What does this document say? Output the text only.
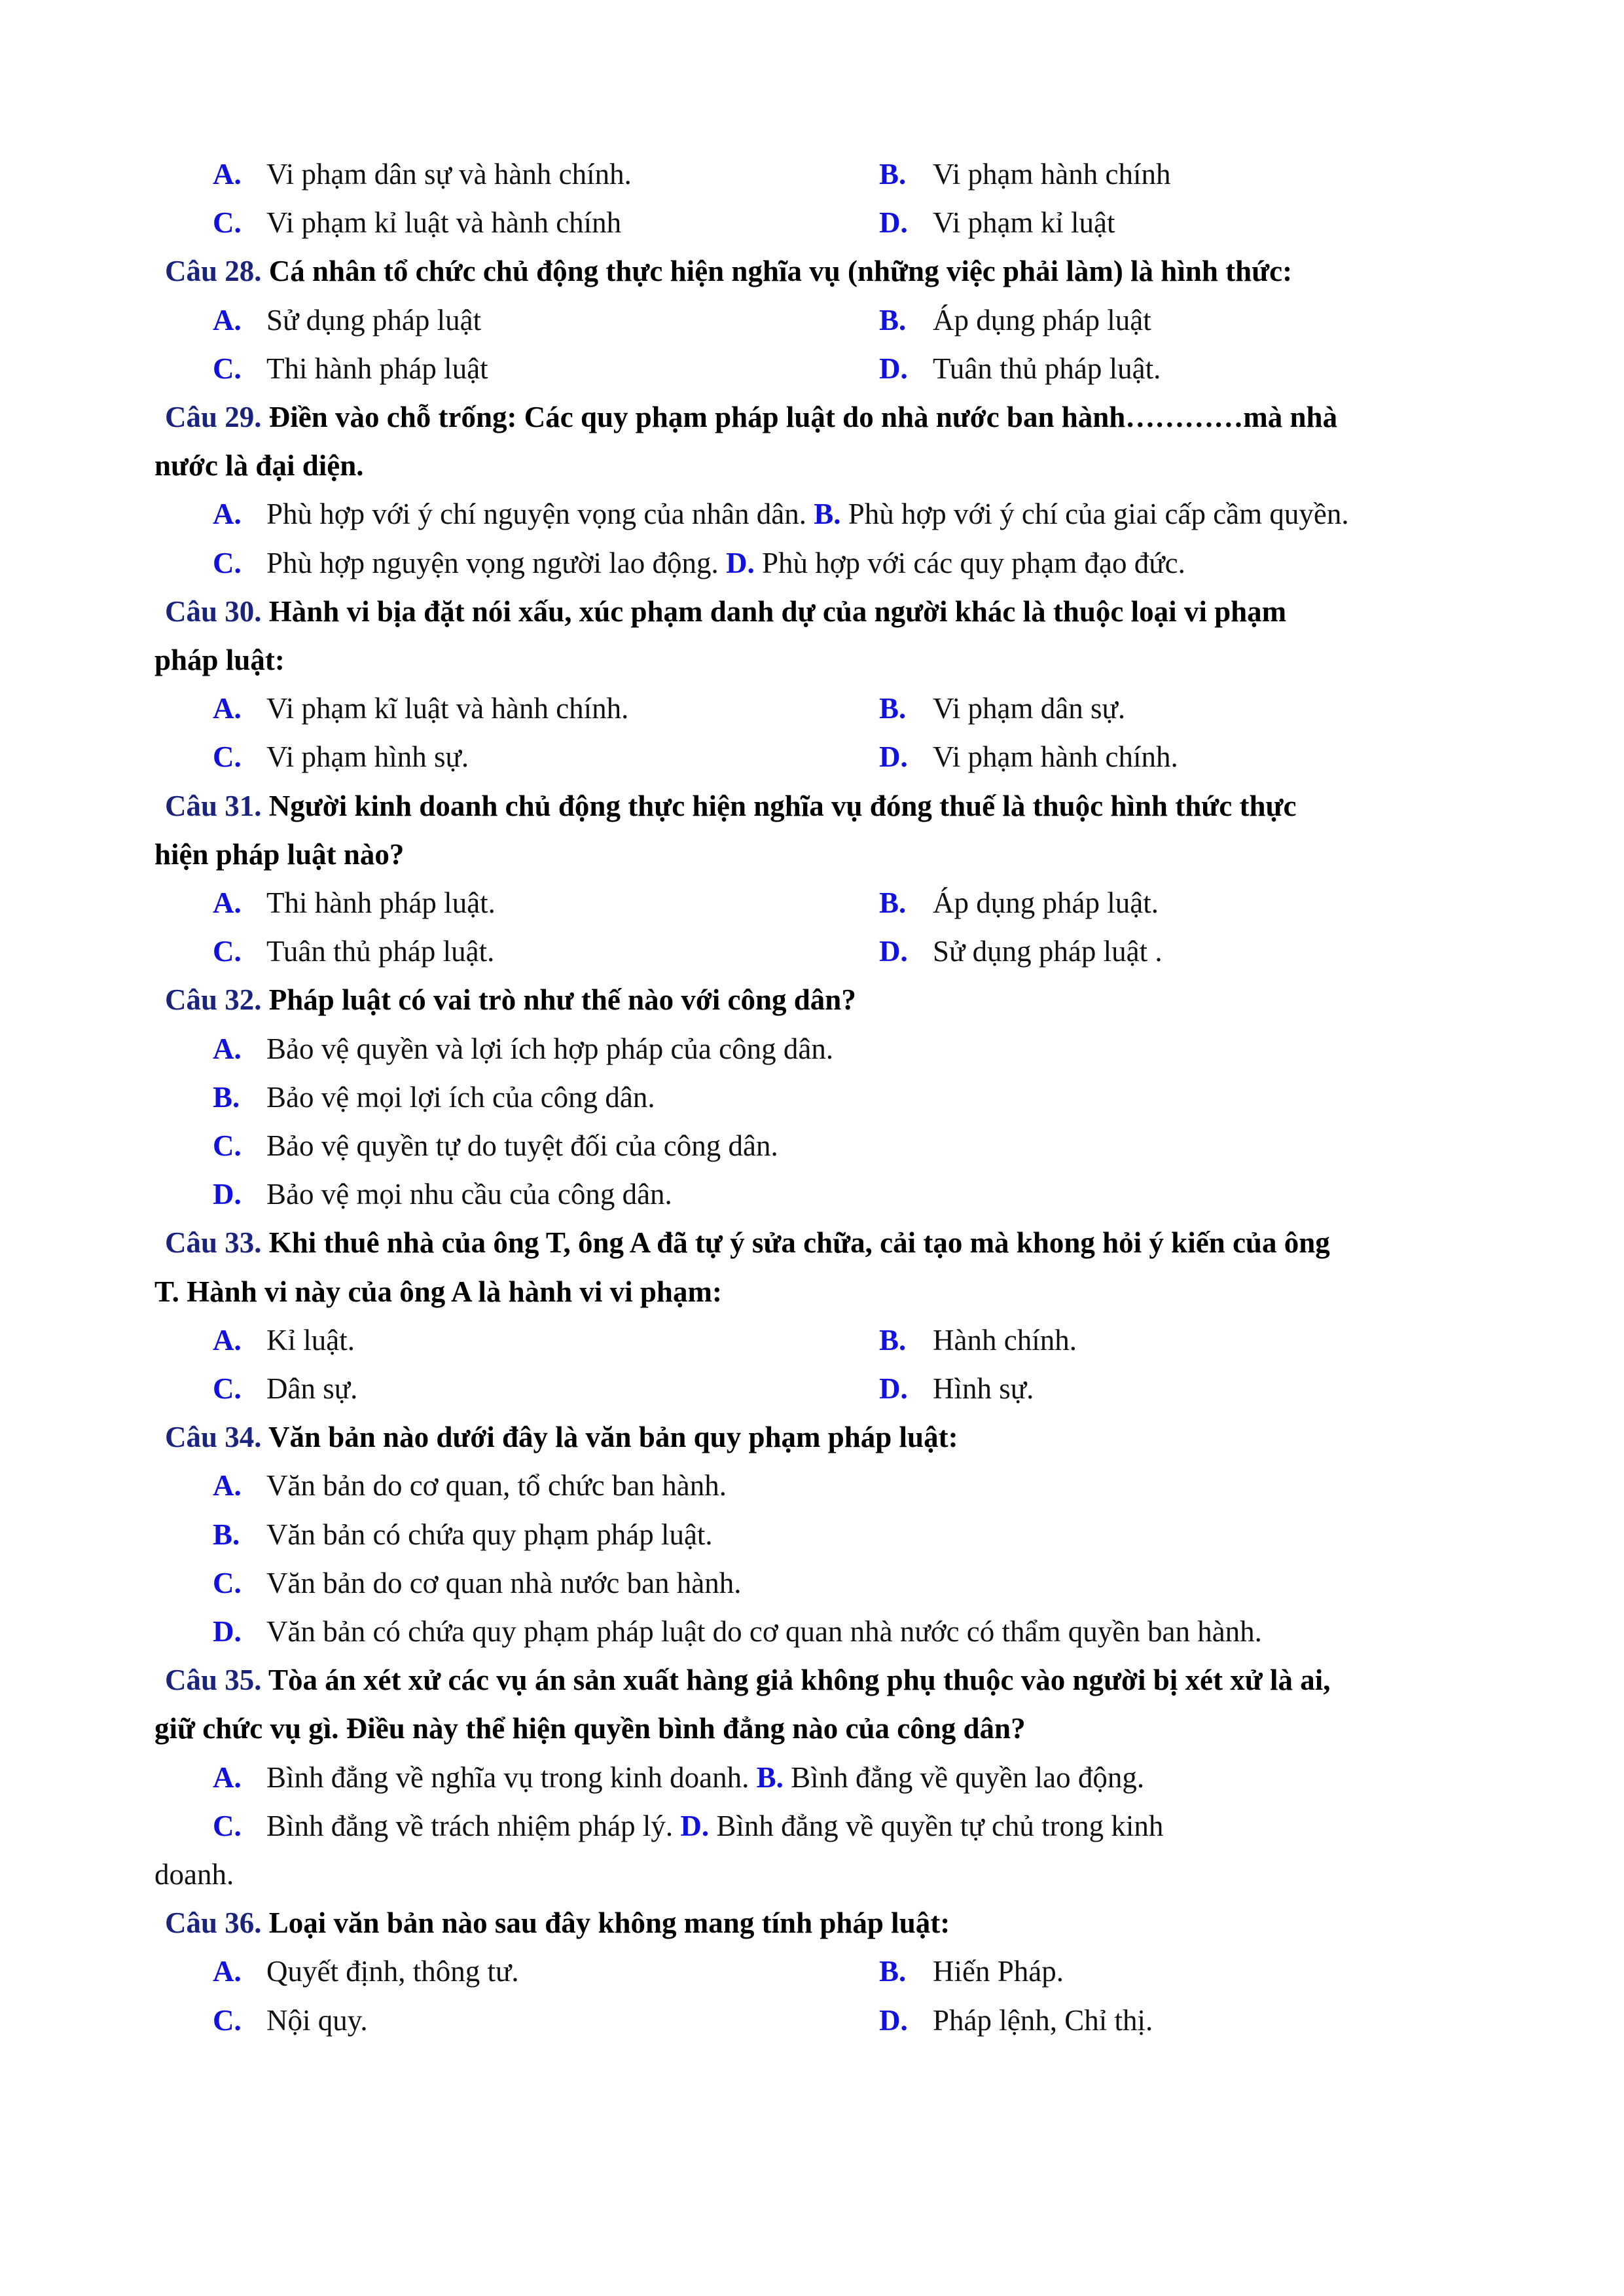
A. Vi phạm dân sự và hành chính.	B. Vi phạm hành chính
C. Vi phạm kỉ luật và hành chính	D. Vi phạm kỉ luật
Câu 28. Cá nhân tổ chức chủ động thực hiện nghĩa vụ (những việc phải làm) là hình thức:
A. Sử dụng pháp luật	B. Áp dụng pháp luật
C. Thi hành pháp luật	D. Tuân thủ pháp luật.
Câu 29. Điền vào chỗ trống: Các quy phạm pháp luật do nhà nước ban hành…………mà nhà
nước là đại diện.
A. Phù hợp với ý chí nguyện vọng của nhân dân. B. Phù hợp với ý chí của giai cấp cầm quyền.
C. Phù hợp nguyện vọng người lao động. D. Phù hợp với các quy phạm đạo đức.
Câu 30. Hành vi bịa đặt nói xấu, xúc phạm danh dự của người khác là thuộc loại vi phạm
pháp luật:
A. Vi phạm kĩ luật và hành chính.	B. Vi phạm dân sự.
C. Vi phạm hình sự.	D. Vi phạm hành chính.
Câu 31. Người kinh doanh chủ động thực hiện nghĩa vụ đóng thuế là thuộc hình thức thực
hiện pháp luật nào?
A. Thi hành pháp luật.	B. Áp dụng pháp luật.
C. Tuân thủ pháp luật.	D. Sử dụng pháp luật .
Câu 32. Pháp luật có vai trò như thế nào với công dân?
A. Bảo vệ quyền và lợi ích hợp pháp của công dân.
B. Bảo vệ mọi lợi ích của công dân.
C. Bảo vệ quyền tự do tuyệt đối của công dân.
D. Bảo vệ mọi nhu cầu của công dân.
Câu 33. Khi thuê nhà của ông T, ông A đã tự ý sửa chữa, cải tạo mà khong hỏi ý kiến của ông
T. Hành vi này của ông A là hành vi vi phạm:
A. Kỉ luật.	B. Hành chính.
C. Dân sự.	D. Hình sự.
Câu 34. Văn bản nào dưới đây là văn bản quy phạm pháp luật:
A. Văn bản do cơ quan, tổ chức ban hành.
B. Văn bản có chứa quy phạm pháp luật.
C. Văn bản do cơ quan nhà nước ban hành.
D. Văn bản có chứa quy phạm pháp luật do cơ quan nhà nước có thẩm quyền ban hành.
Câu 35. Tòa án xét xử các vụ án sản xuất hàng giả không phụ thuộc vào người bị xét xử là ai,
giữ chức vụ gì. Điều này thể hiện quyền bình đẳng nào của công dân?
A. Bình đẳng về nghĩa vụ trong kinh doanh. B. Bình đẳng về quyền lao động.
C. Bình đẳng về trách nhiệm pháp lý. D. Bình đẳng về quyền tự chủ trong kinh
doanh.
Câu 36. Loại văn bản nào sau đây không mang tính pháp luật:
A. Quyết định, thông tư.	B. Hiến Pháp.
C. Nội quy.	D. Pháp lệnh, Chỉ thị.
